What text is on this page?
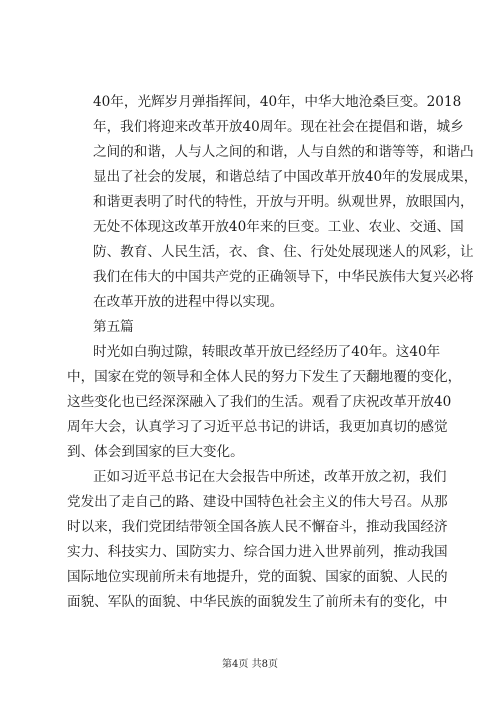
40年，光辉岁月弹指挥间，40年，中华大地沧桑巨变。2018
年，我们将迎来改革开放40周年。现在社会在提倡和谐，城乡
之间的和谐，人与人之间的和谐，人与自然的和谐等等，和谐凸
显出了社会的发展，和谐总结了中国改革开放40年的发展成果，
和谐更表明了时代的特性，开放与开明。纵观世界，放眼国内，
无处不体现这改革开放40年来的巨变。工业、农业、交通、国
防、教育、人民生活，衣、食、住、行处处展现迷人的风彩，让
我们在伟大的中国共产党的正确领导下，中华民族伟大复兴必将
在改革开放的进程中得以实现。
第五篇
时光如白驹过隙，转眼改革开放已经经历了40年。这40年
中，国家在党的领导和全体人民的努力下发生了天翻地覆的变化，
这些变化也已经深深融入了我们的生活。观看了庆祝改革开放40
周年大会，认真学习了习近平总书记的讲话，我更加真切的感觉
到、体会到国家的巨大变化。
正如习近平总书记在大会报告中所述，改革开放之初，我们
党发出了走自己的路、建设中国特色社会主义的伟大号召。从那
时以来，我们党团结带领全国各族人民不懈奋斗，推动我国经济
实力、科技实力、国防实力、综合国力进入世界前列，推动我国
国际地位实现前所未有地提升，党的面貌、国家的面貌、人民的
面貌、军队的面貌、中华民族的面貌发生了前所未有的变化，中
第4页 共8页
